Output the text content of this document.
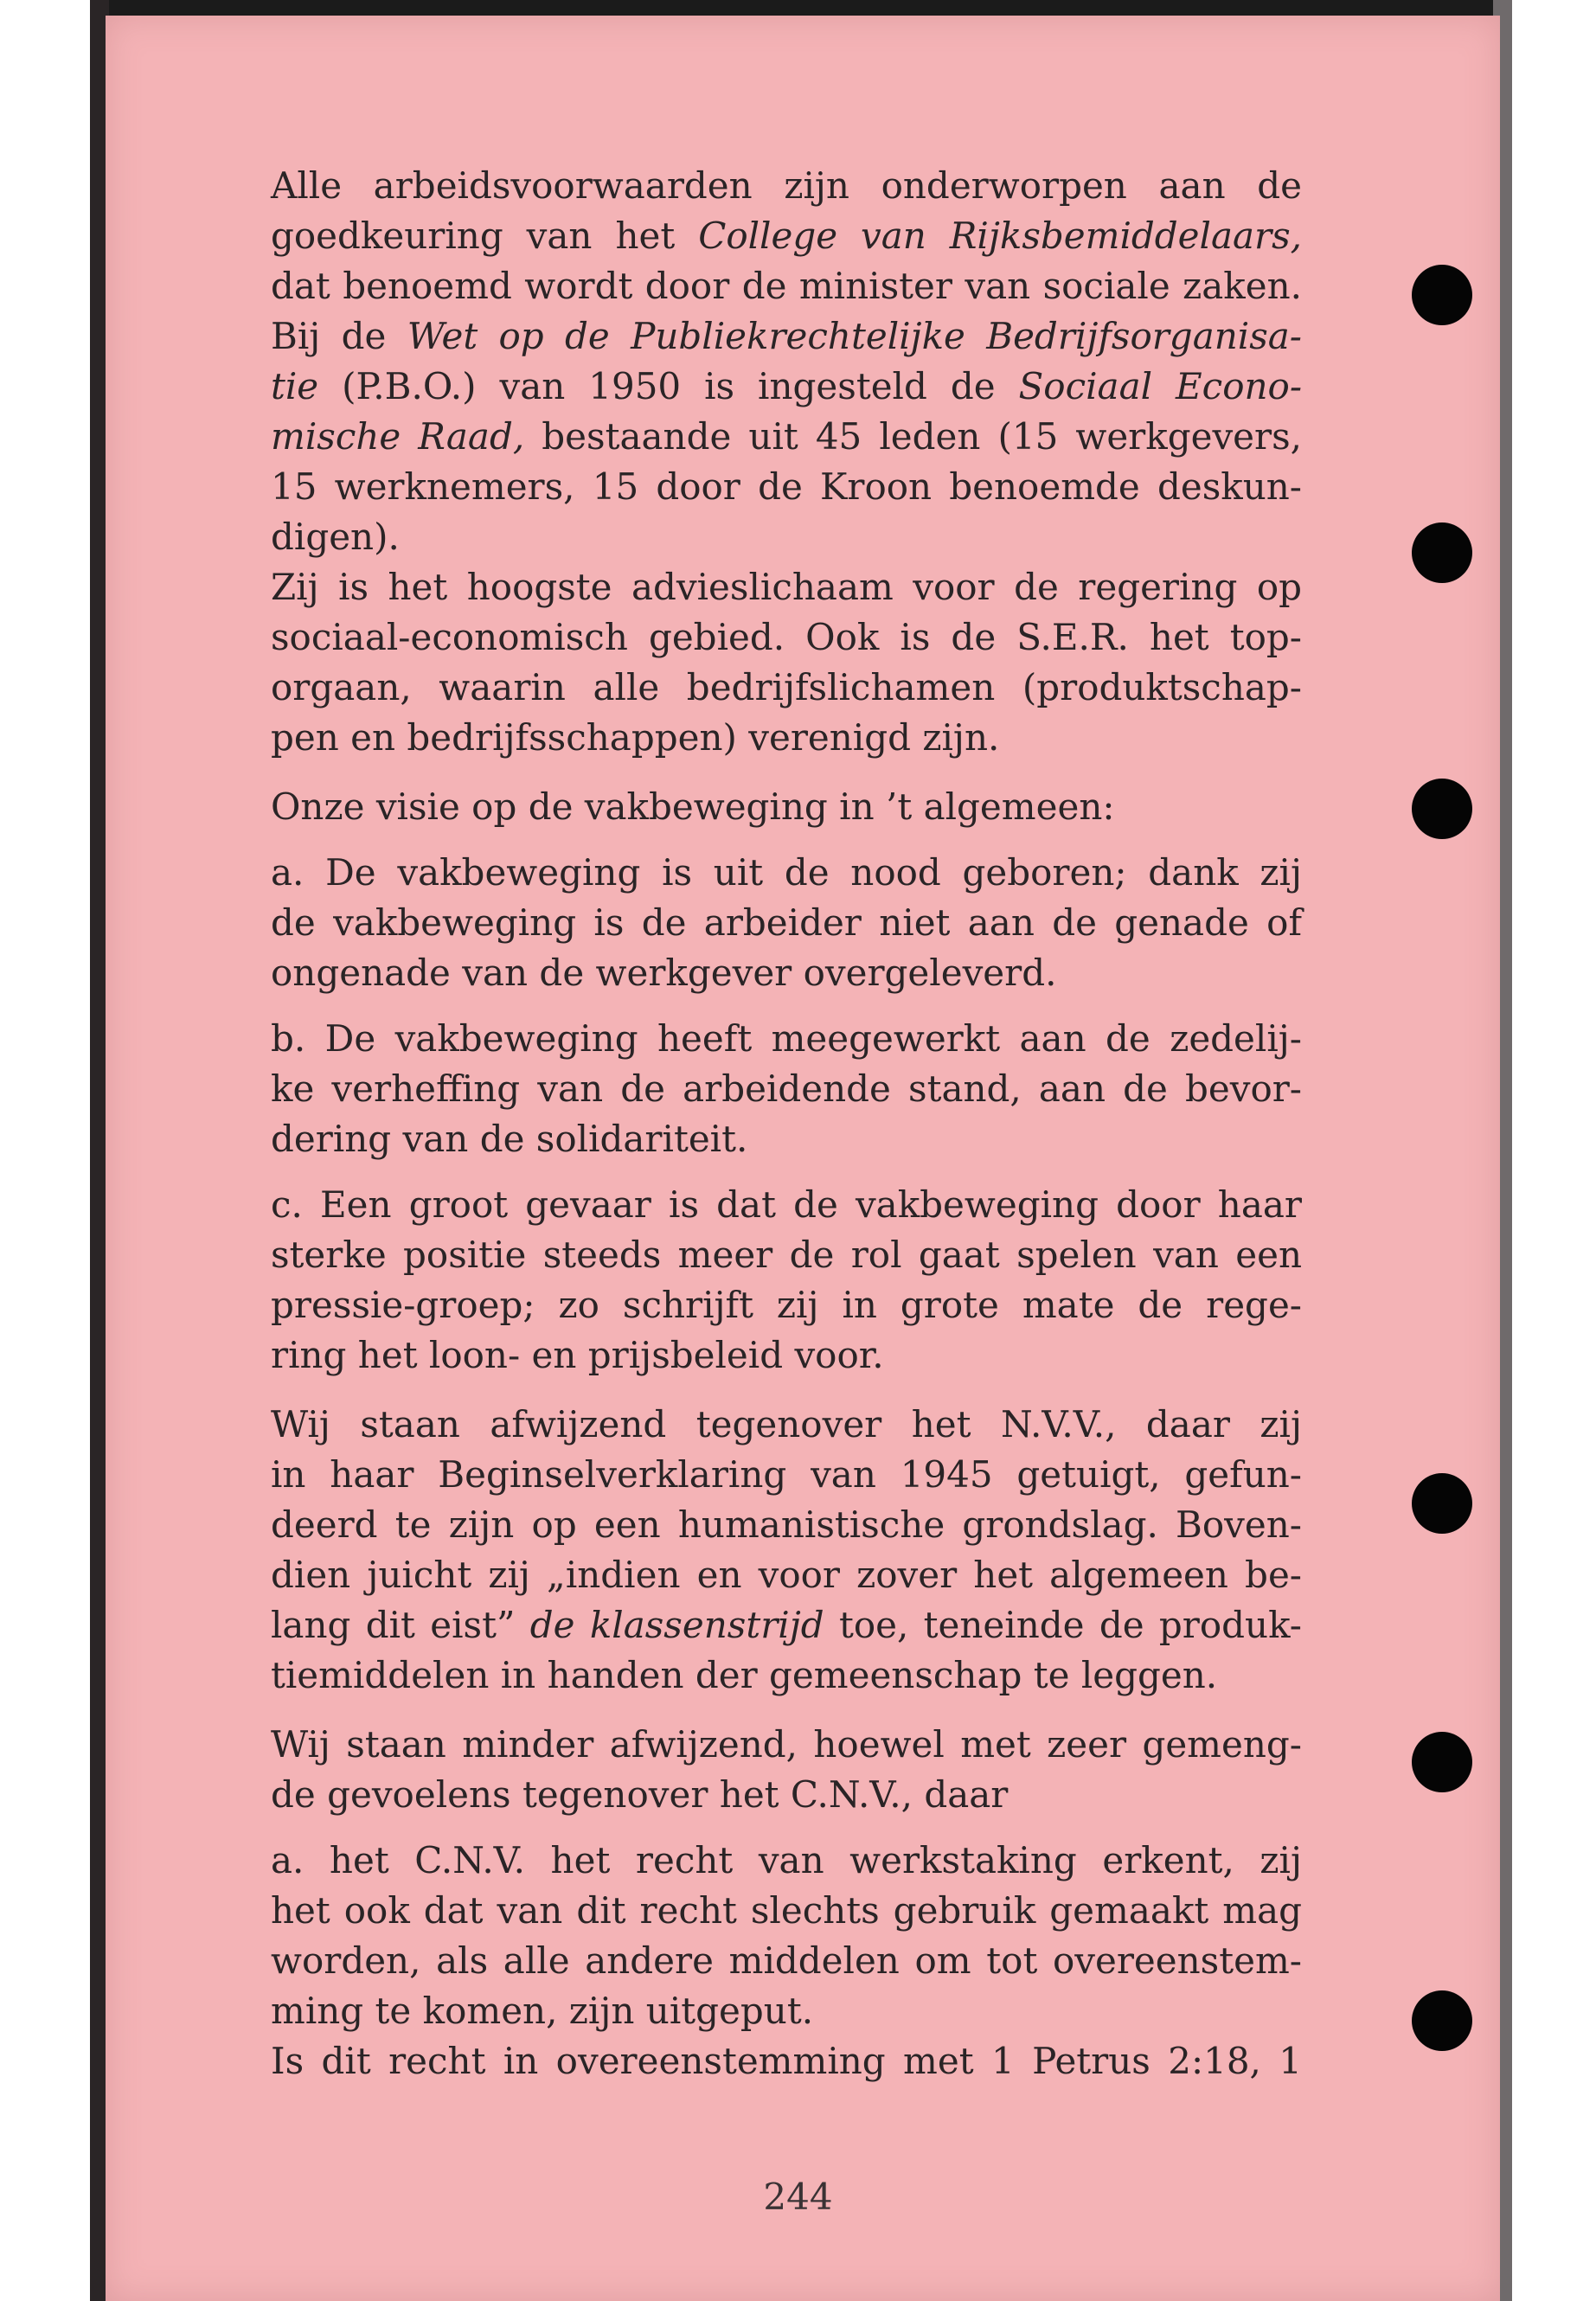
Alle arbeidsvoorwaarden zijn onderworpen aan de
goedkeuring van het College van Rijksbemiddelaars,
dat benoemd wordt door de minister van sociale zaken.
Bij de Wet op de Publiekrechtelijke Bedrijfsorganisa-
tie (P.B.O.) van 1950 is ingesteld de Sociaal Econo-
mische Raad, bestaande uit 45 leden (15 werkgevers,
15 werknemers, 15 door de Kroon benoemde deskun-
digen).
Zij is het hoogste advieslichaam voor de regering op
sociaal-economisch gebied. Ook is de S.E.R. het top-
orgaan, waarin alle bedrijfslichamen (produktschap-
pen en bedrijfsschappen) verenigd zijn.
Onze visie op de vakbeweging in ’t algemeen:
a. De vakbeweging is uit de nood geboren; dank zij
de vakbeweging is de arbeider niet aan de genade of
ongenade van de werkgever overgeleverd.
b. De vakbeweging heeft meegewerkt aan de zedelij-
ke verheffing van de arbeidende stand, aan de bevor-
dering van de solidariteit.
c. Een groot gevaar is dat de vakbeweging door haar
sterke positie steeds meer de rol gaat spelen van een
pressie-groep; zo schrijft zij in grote mate de rege-
ring het loon- en prijsbeleid voor.
Wij staan afwijzend tegenover het N.V.V., daar zij
in haar Beginselverklaring van 1945 getuigt, gefun-
deerd te zijn op een humanistische grondslag. Boven-
dien juicht zij „indien en voor zover het algemeen be-
lang dit eist” de klassenstrijd toe, teneinde de produk-
tiemiddelen in handen der gemeenschap te leggen.
Wij staan minder afwijzend, hoewel met zeer gemeng-
de gevoelens tegenover het C.N.V., daar
a. het C.N.V. het recht van werkstaking erkent, zij
het ook dat van dit recht slechts gebruik gemaakt mag
worden, als alle andere middelen om tot overeenstem-
ming te komen, zijn uitgeput.
Is dit recht in overeenstemming met 1 Petrus 2:18, 1
244
